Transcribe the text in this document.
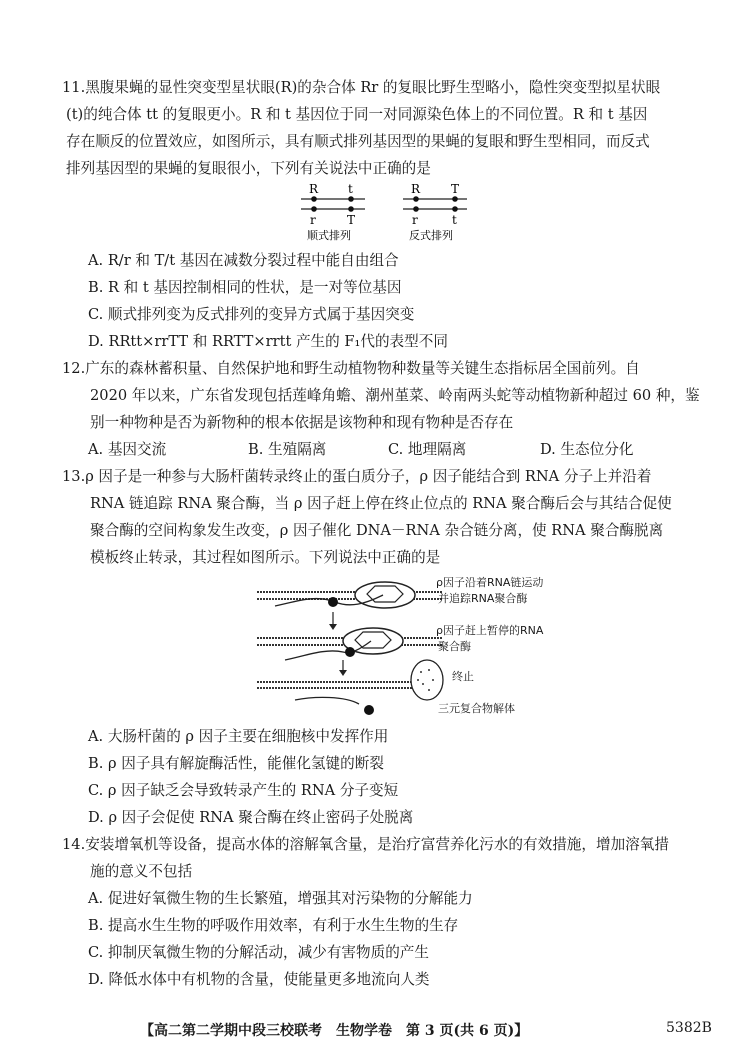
11.黑腹果蝇的显性突变型星状眼(R)的杂合体 Rr 的复眼比野生型略小，隐性突变型拟星状眼

(t)的纯合体 tt 的复眼更小。R 和 t 基因位于同一对同源染色体上的不同位置。R 和 t 基因

存在顺反的位置效应，如图所示，具有顺式排列基因型的果蝇的复眼和野生型相同，而反式

排列基因型的果蝇的复眼很小，下列有关说法中正确的是

R t
r	T
顺式排列
R	T
r	t
反式排列
A. R/r 和 T/t 基因在减数分裂过程中能自由组合
B. R 和 t 基因控制相同的性状，是一对等位基因
C. 顺式排列变为反式排列的变异方式属于基因突变
D. RRtt×rrTT 和 RRTT×rrtt 产生的 F₁代的表型不同

12.广东的森林蓄积量、自然保护地和野生动植物物种数量等关键生态指标居全国前列。自

2020 年以来，广东省发现包括莲峰角蟾、潮州堇菜、岭南两头蛇等动植物新种超过 60 种，鉴

别一种物种是否为新物种的根本依据是该物种和现有物种是否存在

A. 基因交流	B. 生殖隔离	C. 地理隔离	D. 生态位分化

13.ρ 因子是一种参与大肠杆菌转录终止的蛋白质分子，ρ 因子能结合到 RNA 分子上并沿着

RNA 链追踪 RNA 聚合酶，当 ρ 因子赶上停在终止位点的 RNA 聚合酶后会与其结合促使

聚合酶的空间构象发生改变，ρ 因子催化 DNA－RNA 杂合链分离，使 RNA 聚合酶脱离

模板终止转录，其过程如图所示。下列说法中正确的是

ρ因子沿着RNA链运动
并追踪RNA聚合酶
ρ因子赶上暂停的RNA
聚合酶
终止
三元复合物解体
A. 大肠杆菌的 ρ 因子主要在细胞核中发挥作用
B. ρ 因子具有解旋酶活性，能催化氢键的断裂
C. ρ 因子缺乏会导致转录产生的 RNA 分子变短
D. ρ 因子会促使 RNA 聚合酶在终止密码子处脱离

14.安装增氧机等设备，提高水体的溶解氧含量，是治疗富营养化污水的有效措施，增加溶氧措

施的意义不包括

A. 促进好氧微生物的生长繁殖，增强其对污染物的分解能力
B. 提高水生生物的呼吸作用效率，有利于水生生物的生存
C. 抑制厌氧微生物的分解活动，减少有害物质的产生
D. 降低水体中有机物的含量，使能量更多地流向人类
【高二第二学期中段三校联考　生物学卷　第 3 页(共 6 页)】	5382B
